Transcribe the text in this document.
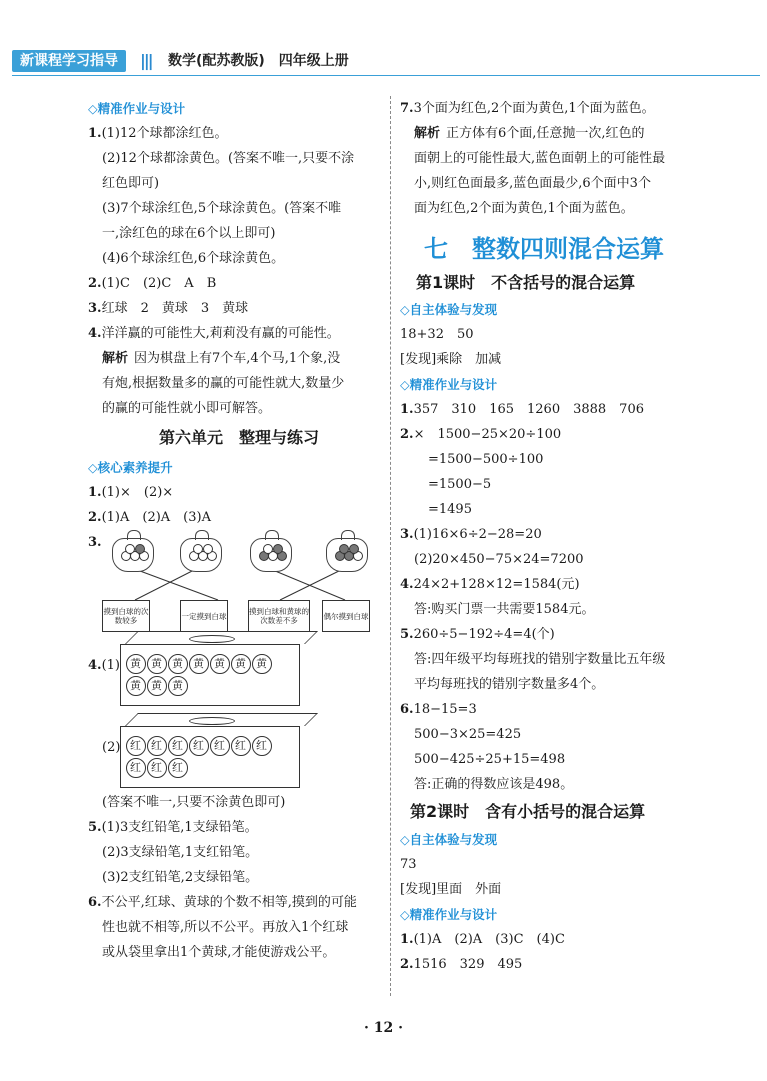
新课程学习指导	||| 数学(配苏教版)　四年级上册
◇精准作业与设计
1.(1)12个球都涂红色。
(2)12个球都涂黄色。(答案不唯一,只要不涂
红色即可)
(3)7个球涂红色,5个球涂黄色。(答案不唯
一,涂红色的球在6个以上即可)
(4)6个球涂红色,6个球涂黄色。
2.(1)C　(2)C　A　B
3.红球　2　黄球　3　黄球
4.洋洋赢的可能性大,莉莉没有赢的可能性。
解析 因为棋盘上有7个车,4个马,1个象,没
有炮,根据数量多的赢的可能性就大,数量少
的赢的可能性就小即可解答。
第六单元　整理与练习
◇核心素养提升
1.(1)×　(2)×
2.(1)A　(2)A　(3)A
3.
摸到白球的次数较多	一定摸到白球	摸到白球和黄球的次数差不多	偶尔摸到白球
4.(1) 黄 黄 黄 黄 黄 黄 黄黄 黄 黄
(2) 红 红 红 红 红 红 红红 红 红
(答案不唯一,只要不涂黄色即可)
5.(1)3支红铅笔,1支绿铅笔。
(2)3支绿铅笔,1支红铅笔。
(3)2支红铅笔,2支绿铅笔。
6.不公平,红球、黄球的个数不相等,摸到的可能
性也就不相等,所以不公平。再放入1个红球
或从袋里拿出1个黄球,才能使游戏公平。
7.3个面为红色,2个面为黄色,1个面为蓝色。
解析 正方体有6个面,任意抛一次,红色的
面朝上的可能性最大,蓝色面朝上的可能性最
小,则红色面最多,蓝色面最少,6个面中3个
面为红色,2个面为黄色,1个面为蓝色。
七　整数四则混合运算
第1课时　不含括号的混合运算
◇自主体验与发现
18+32　50
[发现]乘除　加减
◇精准作业与设计
1.357　310　165　1260　3888　706
2.×　1500−25×20÷100
=1500−500÷100
=1500−5
=1495
3.(1)16×6÷2−28=20
(2)20×450−75×24=7200
4.24×2+128×12=1584(元)
答:购买门票一共需要1584元。
5.260÷5−192÷4=4(个)
答:四年级平均每班找的错别字数量比五年级
平均每班找的错别字数量多4个。
6.18−15=3
500−3×25=425
500−425÷25+15=498
答:正确的得数应该是498。
第2课时　含有小括号的混合运算
◇自主体验与发现
73
[发现]里面　外面
◇精准作业与设计
1.(1)A　(2)A　(3)C　(4)C
2.1516　329　495
· 12 ·
